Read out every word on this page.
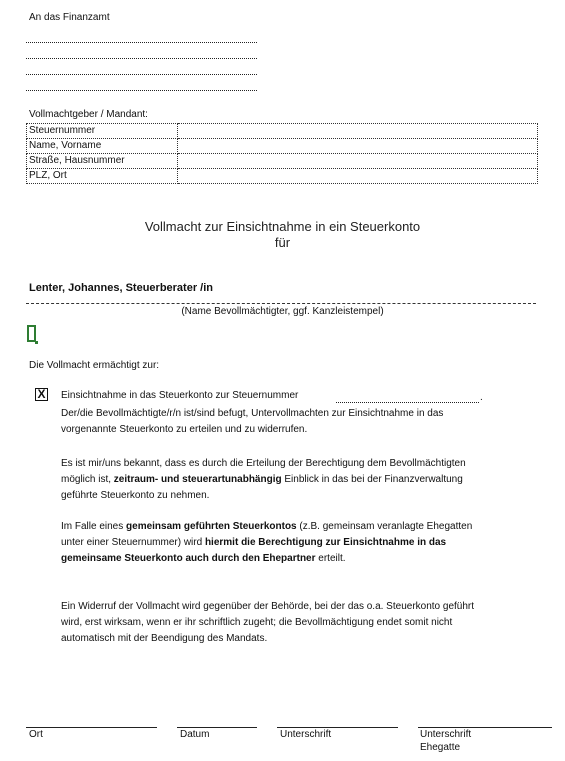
An das Finanzamt
Vollmachtgeber / Mandant:
Steuernummer	
Name, Vorname	
Straße, Hausnummer	
PLZ, Ort	
Vollmacht zur Einsichtnahme in ein Steuerkonto
für
Lenter, Johannes, Steuerberater /in
(Name Bevollmächtigter, ggf. Kanzleistempel)
Die Vollmacht ermächtigt zur:
X Einsichtnahme in das Steuerkonto zur Steuernummer	.
Der/die Bevollmächtigte/r/n ist/sind befugt, Untervollmachten zur Einsichtnahme in das vorgenannte Steuerkonto zu erteilen und zu widerrufen.
Es ist mir/uns bekannt, dass es durch die Erteilung der Berechtigung dem Bevollmächtigten möglich ist, zeitraum- und steuerartunabhängig Einblick in das bei der Finanzverwaltung geführte Steuerkonto zu nehmen.
Im Falle eines gemeinsam geführten Steuerkontos (z.B. gemeinsam veranlagte Ehegatten unter einer Steuernummer) wird hiermit die Berechtigung zur Einsichtnahme in das gemeinsame Steuerkonto auch durch den Ehepartner erteilt.
Ein Widerruf der Vollmacht wird gegenüber der Behörde, bei der das o.a. Steuerkonto geführt wird, erst wirksam, wenn er ihr schriftlich zugeht; die Bevollmächtigung endet somit nicht automatisch mit der Beendigung des Mandats.
Ort	Datum	Unterschrift	Unterschrift
Ehegatte
